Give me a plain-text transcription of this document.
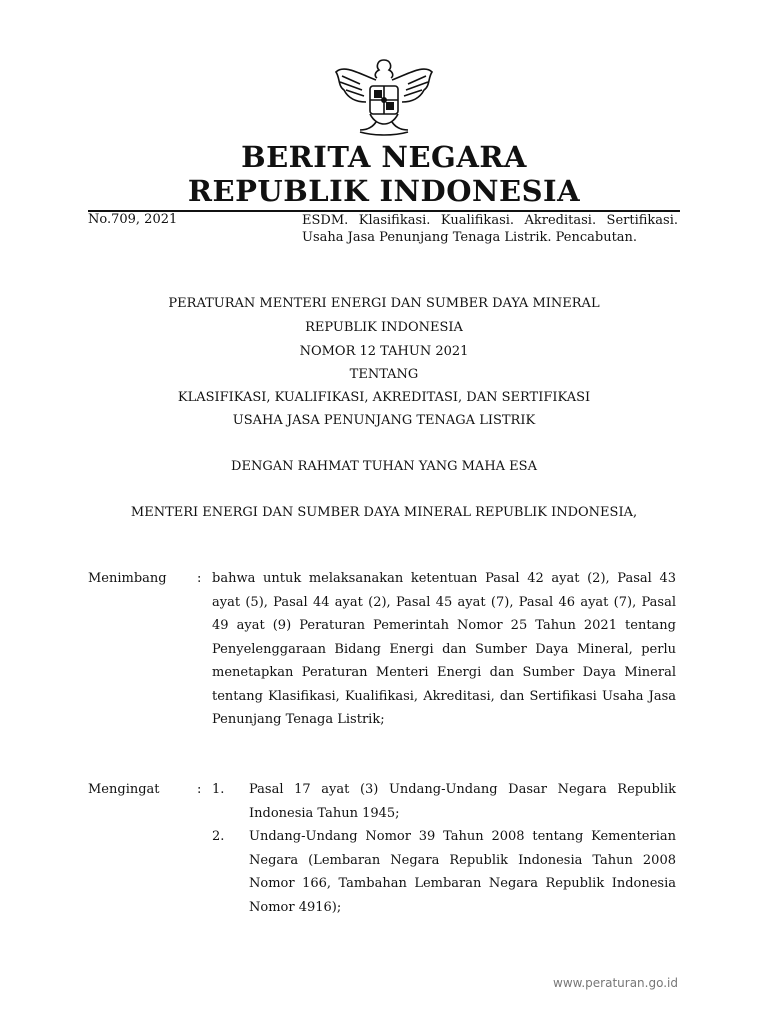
BERITA NEGARA
REPUBLIK INDONESIA
No.709, 2021	ESDM. Klasifikasi. Kualifikasi. Akreditasi. Sertifikasi. Usaha Jasa Penunjang Tenaga Listrik. Pencabutan.
PERATURAN MENTERI ENERGI DAN SUMBER DAYA MINERAL
REPUBLIK INDONESIA
NOMOR 12 TAHUN 2021
TENTANG
KLASIFIKASI, KUALIFIKASI, AKREDITASI, DAN SERTIFIKASI
USAHA JASA PENUNJANG TENAGA LISTRIK
DENGAN RAHMAT TUHAN YANG MAHA ESA
MENTERI ENERGI DAN SUMBER DAYA MINERAL REPUBLIK INDONESIA,
Menimbang : bahwa untuk melaksanakan ketentuan Pasal 42 ayat (2), Pasal 43 ayat (5), Pasal 44 ayat (2), Pasal 45 ayat (7), Pasal 46 ayat (7), Pasal 49 ayat (9) Peraturan Pemerintah Nomor 25 Tahun 2021 tentang Penyelenggaraan Bidang Energi dan Sumber Daya Mineral, perlu menetapkan Peraturan Menteri Energi dan Sumber Daya Mineral tentang Klasifikasi, Kualifikasi, Akreditasi, dan Sertifikasi Usaha Jasa Penunjang Tenaga Listrik;
Mengingat	: 1. Pasal 17 ayat (3) Undang-Undang Dasar Negara Republik Indonesia Tahun 1945;
2. Undang-Undang Nomor 39 Tahun 2008 tentang Kementerian Negara (Lembaran Negara Republik Indonesia Tahun 2008 Nomor 166, Tambahan Lembaran Negara Republik Indonesia Nomor 4916);
www.peraturan.go.id
